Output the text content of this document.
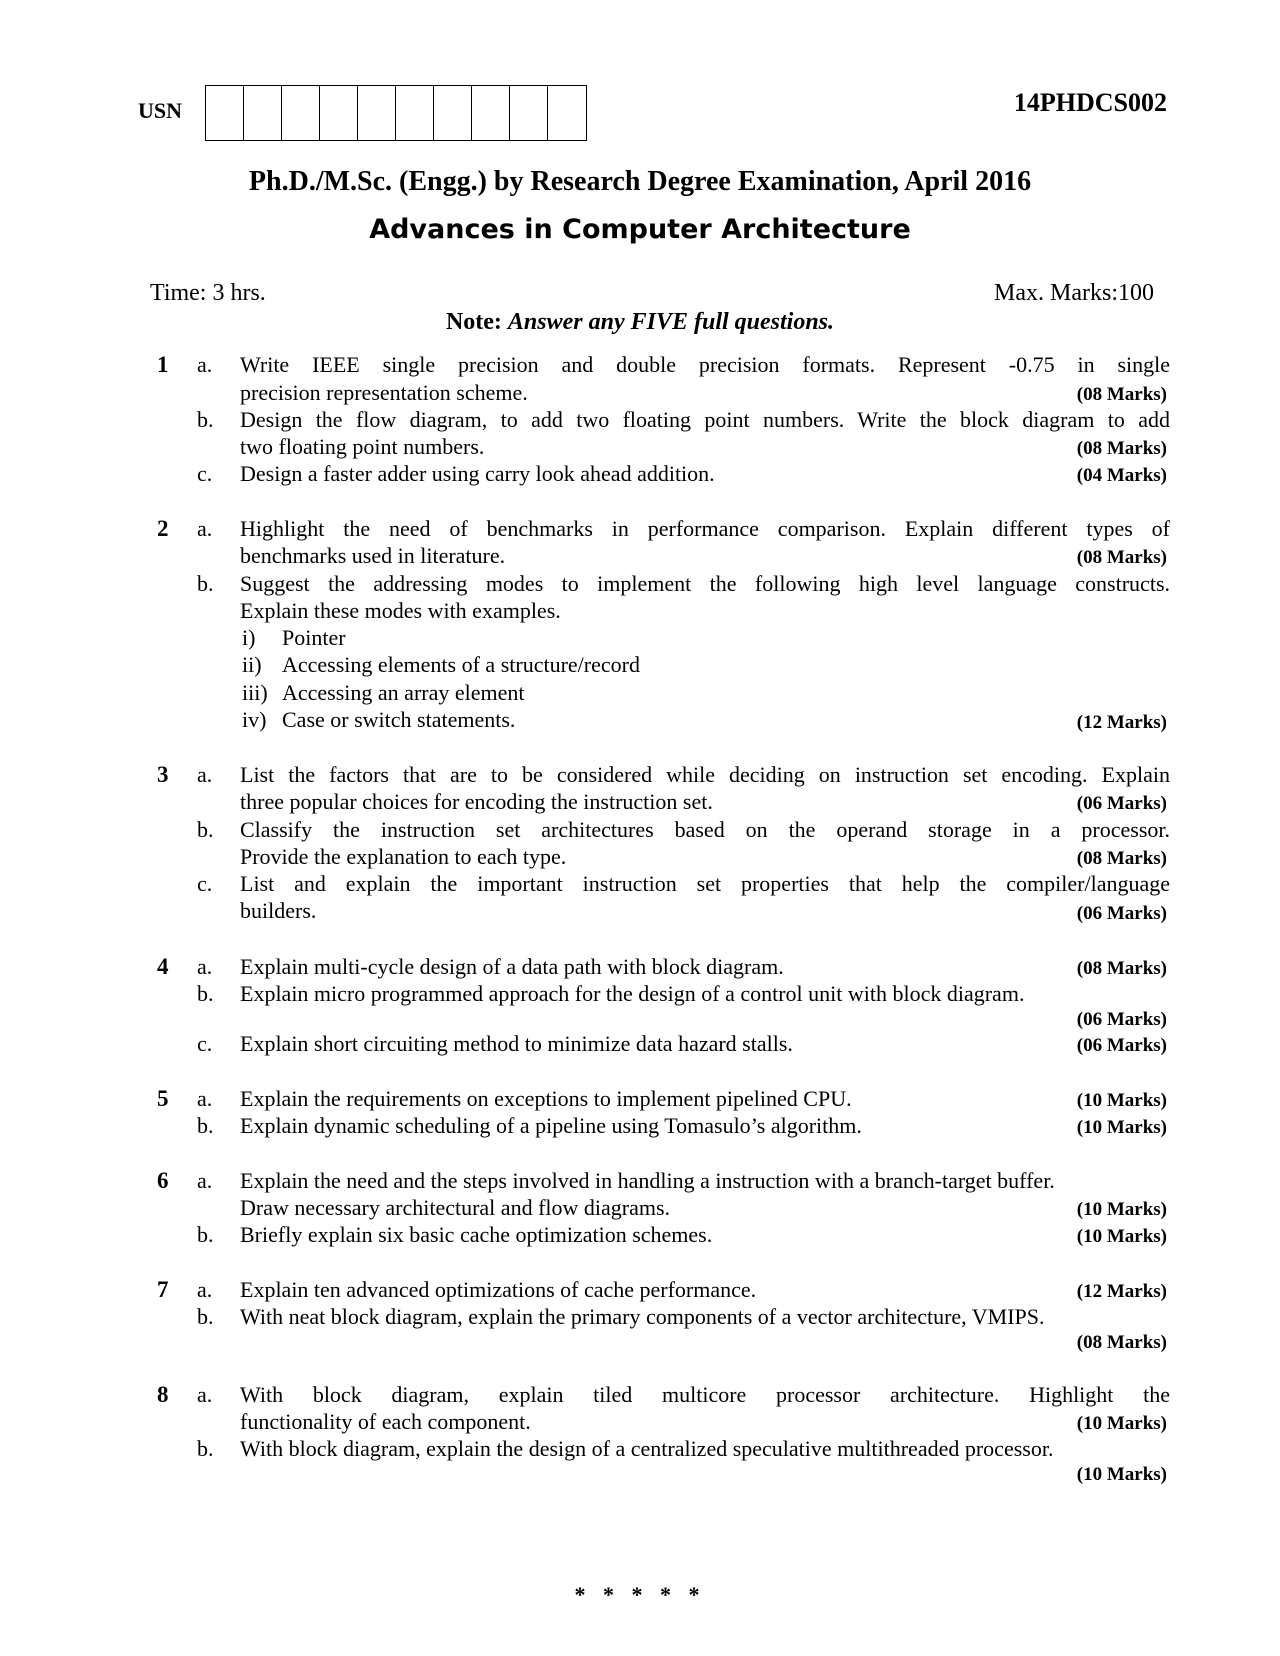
USN	14PHDCS002
Ph.D./M.Sc. (Engg.) by Research Degree Examination, April 2016
Advances in Computer Architecture
Time: 3 hrs.	Max. Marks:100
Note: Answer any FIVE full questions.
1 a. Write IEEE single precision and double precision formats. Represent -0.75 in single
precision representation scheme.	(08 Marks)
b. Design the flow diagram, to add two floating point numbers. Write the block diagram to add
two floating point numbers.	(08 Marks)
c. Design a faster adder using carry look ahead addition.	(04 Marks)
2 a. Highlight the need of benchmarks in performance comparison. Explain different types of
benchmarks used in literature.	(08 Marks)
b. Suggest the addressing modes to implement the following high level language constructs.
Explain these modes with examples.
i) Pointer
ii) Accessing elements of a structure/record
iii) Accessing an array element
iv) Case or switch statements.	(12 Marks)
3 a. List the factors that are to be considered while deciding on instruction set encoding. Explain
three popular choices for encoding the instruction set.	(06 Marks)
b. Classify the instruction set architectures based on the operand storage in a processor.
Provide the explanation to each type.	(08 Marks)
c. List and explain the important instruction set properties that help the compiler/language
builders.	(06 Marks)
4 a. Explain multi-cycle design of a data path with block diagram.	(08 Marks)
b. Explain micro programmed approach for the design of a control unit with block diagram.
(06 Marks)
c. Explain short circuiting method to minimize data hazard stalls.	(06 Marks)
5 a. Explain the requirements on exceptions to implement pipelined CPU.	(10 Marks)
b. Explain dynamic scheduling of a pipeline using Tomasulo’s algorithm.	(10 Marks)
6 a. Explain the need and the steps involved in handling a instruction with a branch-target buffer.
Draw necessary architectural and flow diagrams.	(10 Marks)
b. Briefly explain six basic cache optimization schemes.	(10 Marks)
7 a. Explain ten advanced optimizations of cache performance.	(12 Marks)
b. With neat block diagram, explain the primary components of a vector architecture, VMIPS.
(08 Marks)
8 a. With block diagram, explain tiled multicore processor architecture. Highlight the
functionality of each component.	(10 Marks)
b. With block diagram, explain the design of a centralized speculative multithreaded processor.
(10 Marks)
* * * * *
